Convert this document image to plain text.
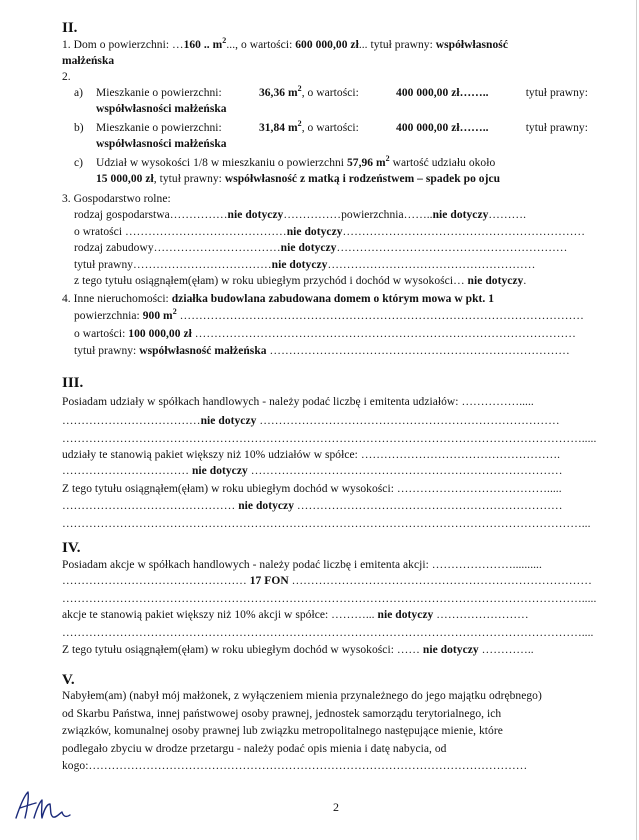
II.
1. Dom o powierzchni: …160 .. $m^2$..., o wartości: 600 000,00 zł... tytuł prawny: współwłasność
małżeńska
2.
a) Mieszkanie o powierzchni:	36,36 $m^2$, o wartości:	400 000,00 zł……..	tytuł prawny:
współwłasności małżeńska
b) Mieszkanie o powierzchni:	31,84 $m^2$, o wartości:	400 000,00 zł……..	tytuł prawny:
współwłasności małżeńska
c) Udział w wysokości 1/8 w mieszkaniu o powierzchni 57,96 $m^2$ wartość udziału około
15 000,00 zł, tytuł prawny: współwłasność z matką i rodzeństwem – spadek po ojcu
3. Gospodarstwo rolne:
rodzaj gospodarstwa……………nie dotyczy……………powierzchnia……..nie dotyczy……….
o wratości ……………………………………nie dotyczy………………………………………………………
rodzaj zabudowy……………………………nie dotyczy……………………………………………………
tytuł prawny………………………………nie dotyczy………………………………………………
z tego tytułu osiągnąłem(ęłam) w roku ubiegłym przychód i dochód w wysokości… nie dotyczy.
4. Inne nieruchomości: działka budowlana zabudowana domem o którym mowa w pkt. 1
powierzchnia: 900 $m^2$ ……………………………………………………………………………………………
o wartości: 100 000,00 zł ………………………………………………………………………………………
tytuł prawny: współwłasność małżeńska ……………………………………………………………………
III.
Posiadam udziały w spółkach handlowych - należy podać liczbę i emitenta udziałów: …………….....
………………………………nie dotyczy ……………………………………………………………………
……………………………………………………………………………………………………………………….....
udziały te stanowią pakiet większy niż 10% udziałów w spółce: …………………………………………….
…………………………… nie dotyczy ………………………………………………………………………
Z tego tytułu osiągnąłem(ęłam) w roku ubiegłym dochód w wysokości: ………………………………….....
……………………………………… nie dotyczy ……………………………………………………………
………………………………………………………………………………………………………………………...
IV.
Posiadam akcje w spółkach handlowych - należy podać liczbę i emitenta akcji: …………………..........
………………………………………… 17 FON ……………………………………………………………………
……………………………………………………………………………………………………………………….....
akcje te stanowią pakiet większy niż 10% akcji w spółce: ………... nie dotyczy ……………………
………………………………………………………………………………………………………………………....
Z tego tytułu osiągnąłem(ęłam) w roku ubiegłym dochód w wysokości: …… nie dotyczy …………..
V.
Nabyłem(am) (nabył mój małżonek, z wyłączeniem mienia przynależnego do jego majątku odrębnego)
od Skarbu Państwa, innej państwowej osoby prawnej, jednostek samorządu terytorialnego, ich
związków, komunalnej osoby prawnej lub związku metropolitalnego następujące mienie, które
podlegało zbyciu w drodze przetargu - należy podać opis mienia i datę nabycia, od
kogo:……………………………………………………………………………………………………
2
